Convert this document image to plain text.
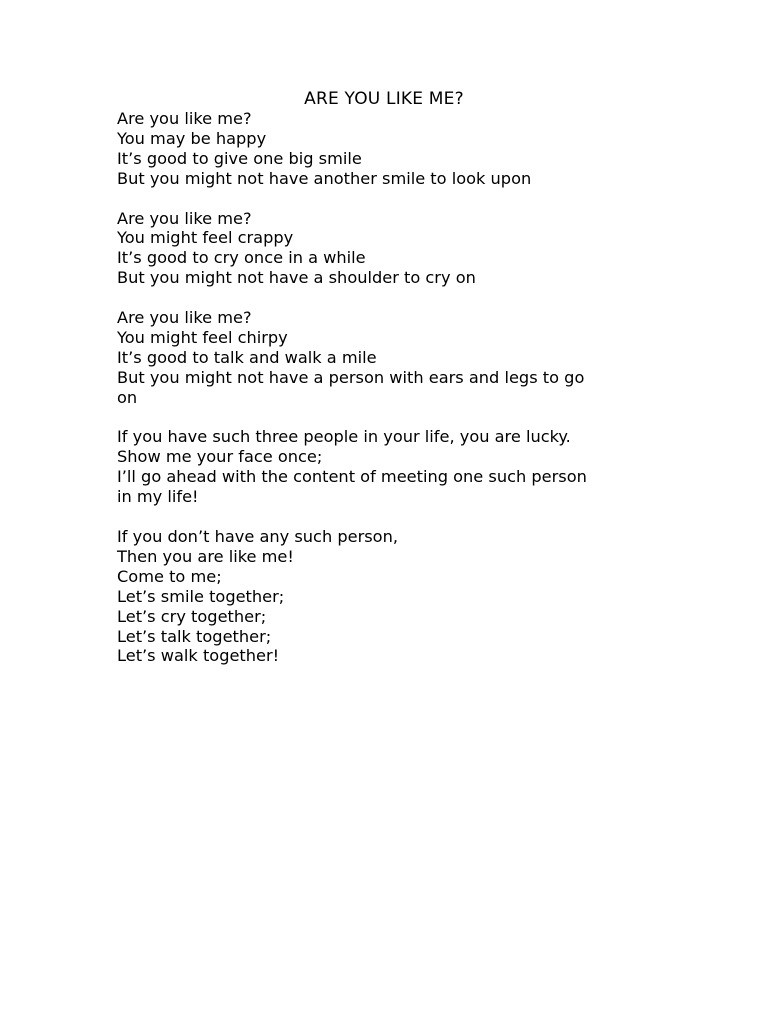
ARE YOU LIKE ME?
Are you like me?
You may be happy
It’s good to give one big smile
But you might not have another smile to look upon
Are you like me?
You might feel crappy
It’s good to cry once in a while
But you might not have a shoulder to cry on
Are you like me?
You might feel chirpy
It’s good to talk and walk a mile
But you might not have a person with ears and legs to go
on
If you have such three people in your life, you are lucky.
Show me your face once;
I’ll go ahead with the content of meeting one such person
in my life!
If you don’t have any such person,
Then you are like me!
Come to me;
Let’s smile together;
Let’s cry together;
Let’s talk together;
Let’s walk together!
